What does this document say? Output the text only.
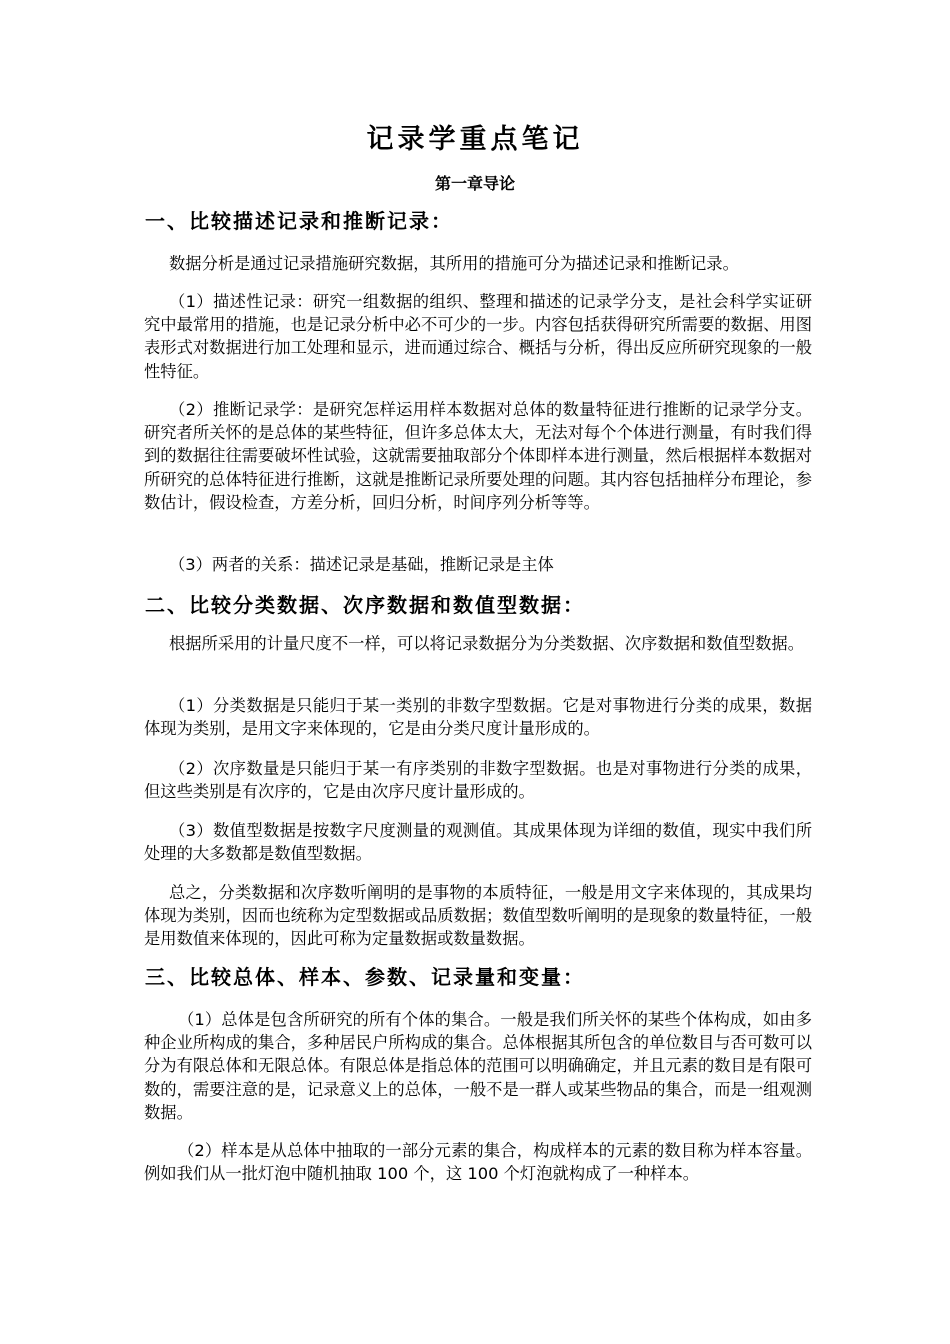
记录学重点笔记
第一章导论
一、比较描述记录和推断记录：
数据分析是通过记录措施研究数据，其所用的措施可分为描述记录和推断记录。
（1）描述性记录：研究一组数据的组织、整理和描述的记录学分支，是社会科学实证研究中最常用的措施，也是记录分析中必不可少的一步。内容包括获得研究所需要的数据、用图表形式对数据进行加工处理和显示，进而通过综合、概括与分析，得出反应所研究现象的一般性特征。
（2）推断记录学：是研究怎样运用样本数据对总体的数量特征进行推断的记录学分支。研究者所关怀的是总体的某些特征，但许多总体太大，无法对每个个体进行测量，有时我们得到的数据往往需要破坏性试验，这就需要抽取部分个体即样本进行测量，然后根据样本数据对所研究的总体特征进行推断，这就是推断记录所要处理的问题。其内容包括抽样分布理论，参数估计，假设检查，方差分析，回归分析，时间序列分析等等。
（3）两者的关系：描述记录是基础，推断记录是主体
二、比较分类数据、次序数据和数值型数据：
根据所采用的计量尺度不一样，可以将记录数据分为分类数据、次序数据和数值型数据。
（1）分类数据是只能归于某一类别的非数字型数据。它是对事物进行分类的成果，数据体现为类别，是用文字来体现的，它是由分类尺度计量形成的。
（2）次序数量是只能归于某一有序类别的非数字型数据。也是对事物进行分类的成果，但这些类别是有次序的，它是由次序尺度计量形成的。
（3）数值型数据是按数字尺度测量的观测值。其成果体现为详细的数值，现实中我们所处理的大多数都是数值型数据。
总之，分类数据和次序数听阐明的是事物的本质特征，一般是用文字来体现的，其成果均体现为类别，因而也统称为定型数据或品质数据；数值型数听阐明的是现象的数量特征，一般是用数值来体现的，因此可称为定量数据或数量数据。
三、比较总体、样本、参数、记录量和变量：
（1）总体是包含所研究的所有个体的集合。一般是我们所关怀的某些个体构成，如由多种企业所构成的集合，多种居民户所构成的集合。总体根据其所包含的单位数目与否可数可以分为有限总体和无限总体。有限总体是指总体的范围可以明确确定，并且元素的数目是有限可数的，需要注意的是，记录意义上的总体，一般不是一群人或某些物品的集合，而是一组观测数据。
（2）样本是从总体中抽取的一部分元素的集合，构成样本的元素的数目称为样本容量。例如我们从一批灯泡中随机抽取 100 个，这 100 个灯泡就构成了一种样本。
